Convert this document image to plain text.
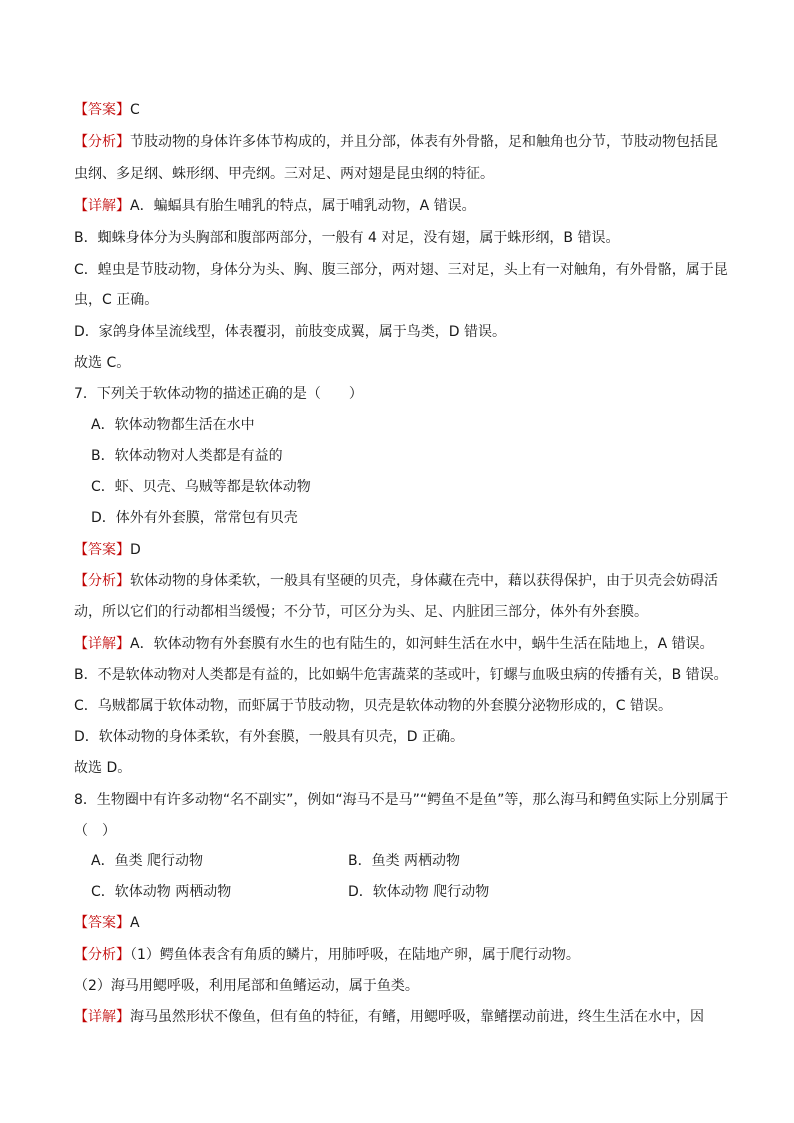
【答案】C
【分析】节肢动物的身体许多体节构成的，并且分部，体表有外骨骼，足和触角也分节，节肢动物包括昆
虫纲、多足纲、蛛形纲、甲壳纲。三对足、两对翅是昆虫纲的特征。
【详解】A．蝙蝠具有胎生哺乳的特点，属于哺乳动物，A 错误。
B．蜘蛛身体分为头胸部和腹部两部分，一般有 4 对足，没有翅，属于蛛形纲，B 错误。
C．蝗虫是节肢动物，身体分为头、胸、腹三部分，两对翅、三对足，头上有一对触角，有外骨骼，属于昆
虫，C 正确。
D．家鸽身体呈流线型，体表覆羽，前肢变成翼，属于鸟类，D 错误。
故选 C。
7．下列关于软体动物的描述正确的是（　　）
A．软体动物都生活在水中
B．软体动物对人类都是有益的
C．虾、贝壳、乌贼等都是软体动物
D．体外有外套膜，常常包有贝壳
【答案】D
【分析】软体动物的身体柔软，一般具有坚硬的贝壳，身体藏在壳中，藉以获得保护，由于贝壳会妨碍活
动，所以它们的行动都相当缓慢；不分节，可区分为头、足、内脏团三部分，体外有外套膜。
【详解】A．软体动物有外套膜有水生的也有陆生的，如河蚌生活在水中，蜗牛生活在陆地上，A 错误。
B．不是软体动物对人类都是有益的，比如蜗牛危害蔬菜的茎或叶，钉螺与血吸虫病的传播有关，B 错误。
C．乌贼都属于软体动物，而虾属于节肢动物，贝壳是软体动物的外套膜分泌物形成的，C 错误。
D．软体动物的身体柔软，有外套膜，一般具有贝壳，D 正确。
故选 D。
8．生物圈中有许多动物“名不副实”，例如“海马不是马”“鳄鱼不是鱼”等，那么海马和鳄鱼实际上分别属于
（　）
A．鱼类 爬行动物	B．鱼类 两栖动物
C．软体动物 两栖动物	D．软体动物 爬行动物
【答案】A
【分析】（1）鳄鱼体表含有角质的鳞片，用肺呼吸，在陆地产卵，属于爬行动物。
（2）海马用鳃呼吸，利用尾部和鱼鳍运动，属于鱼类。
【详解】海马虽然形状不像鱼，但有鱼的特征，有鳍，用鳃呼吸，靠鳍摆动前进，终生生活在水中，因
